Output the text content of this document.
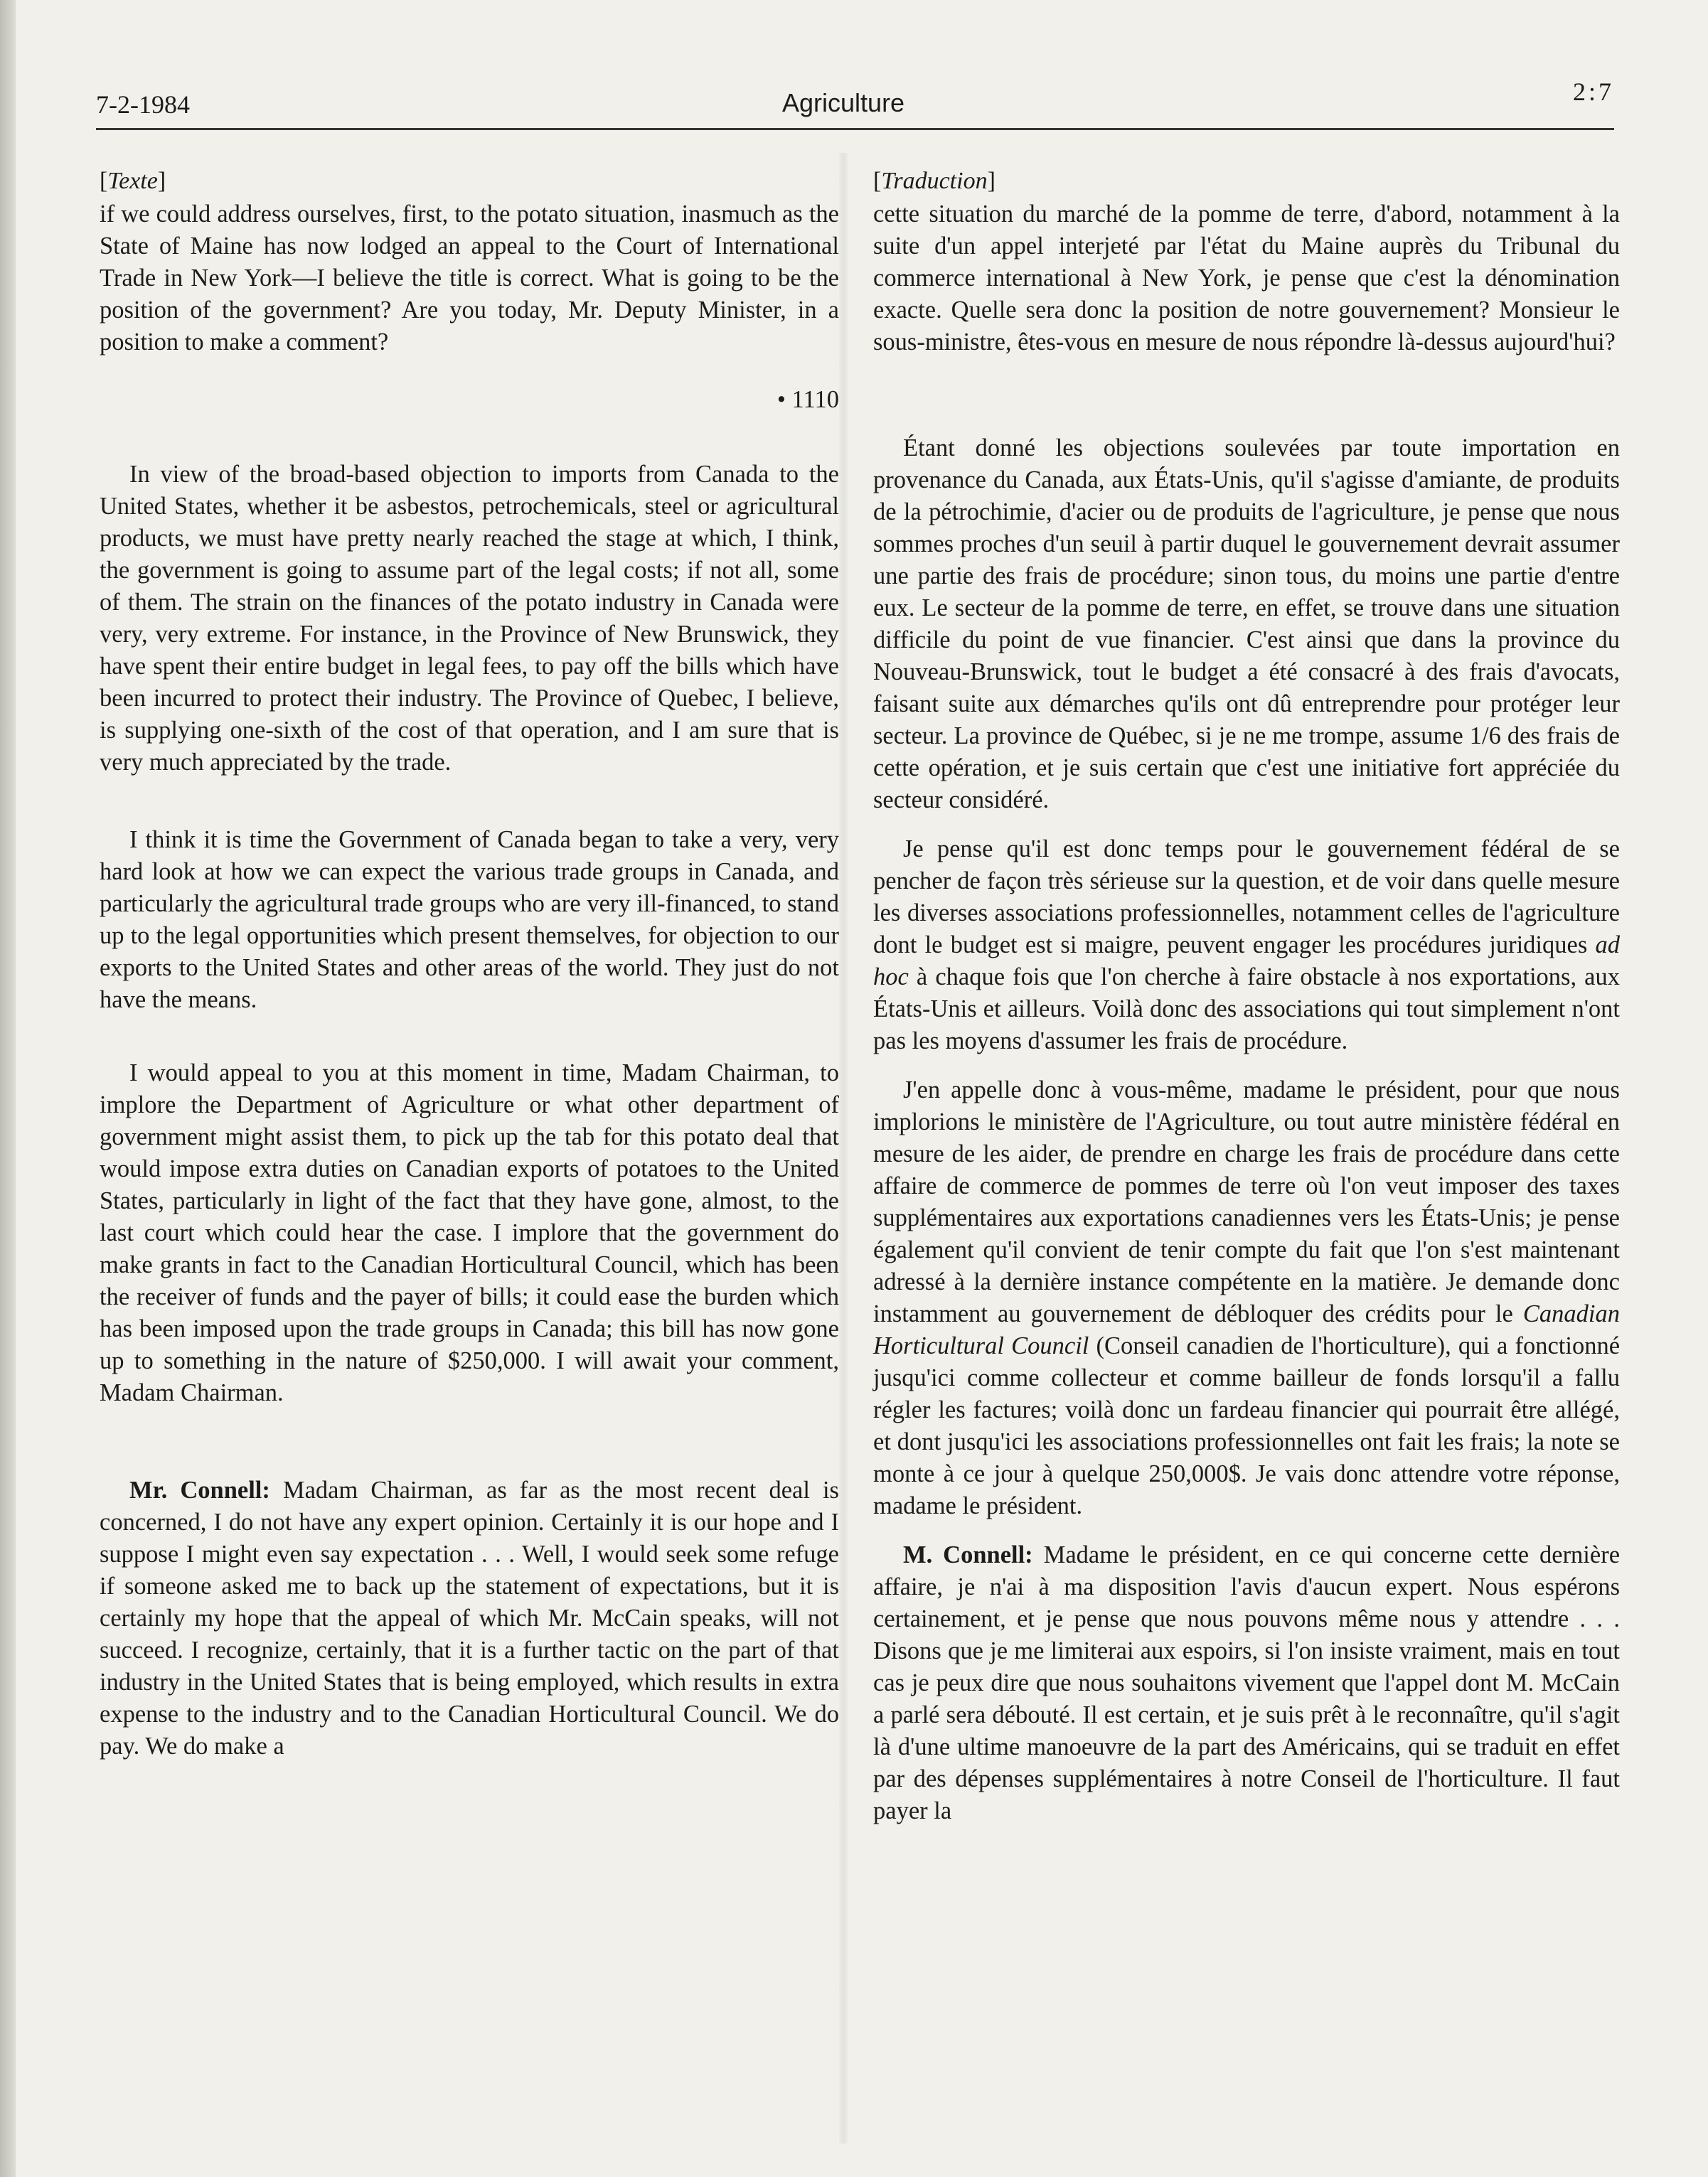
7-2-1984	Agriculture	2:7
[Texte]

if we could address ourselves, first, to the potato situation, inasmuch as the State of Maine has now lodged an appeal to the Court of International Trade in New York—I believe the title is correct. What is going to be the position of the government? Are you today, Mr. Deputy Minister, in a position to make a comment?

• 1110

In view of the broad-based objection to imports from Canada to the United States, whether it be asbestos, petrochemicals, steel or agricultural products, we must have pretty nearly reached the stage at which, I think, the government is going to assume part of the legal costs; if not all, some of them. The strain on the finances of the potato industry in Canada were very, very extreme. For instance, in the Province of New Brunswick, they have spent their entire budget in legal fees, to pay off the bills which have been incurred to protect their industry. The Province of Quebec, I believe, is supplying one-sixth of the cost of that operation, and I am sure that is very much appreciated by the trade.

I think it is time the Government of Canada began to take a very, very hard look at how we can expect the various trade groups in Canada, and particularly the agricultural trade groups who are very ill-financed, to stand up to the legal opportunities which present themselves, for objection to our exports to the United States and other areas of the world. They just do not have the means.

I would appeal to you at this moment in time, Madam Chairman, to implore the Department of Agriculture or what other department of government might assist them, to pick up the tab for this potato deal that would impose extra duties on Canadian exports of potatoes to the United States, particularly in light of the fact that they have gone, almost, to the last court which could hear the case. I implore that the government do make grants in fact to the Canadian Horticultural Council, which has been the receiver of funds and the payer of bills; it could ease the burden which has been imposed upon the trade groups in Canada; this bill has now gone up to something in the nature of $250,000. I will await your comment, Madam Chairman.

Mr. Connell: Madam Chairman, as far as the most recent deal is concerned, I do not have any expert opinion. Certainly it is our hope and I suppose I might even say expectation . . . Well, I would seek some refuge if someone asked me to back up the statement of expectations, but it is certainly my hope that the appeal of which Mr. McCain speaks, will not succeed. I recognize, certainly, that it is a further tactic on the part of that industry in the United States that is being employed, which results in extra expense to the industry and to the Canadian Horticultural Council. We do pay. We do make a

[Traduction]

cette situation du marché de la pomme de terre, d'abord, notamment à la suite d'un appel interjeté par l'état du Maine auprès du Tribunal du commerce international à New York, je pense que c'est la dénomination exacte. Quelle sera donc la position de notre gouvernement? Monsieur le sous-ministre, êtes-vous en mesure de nous répondre là-dessus aujourd'hui?

Étant donné les objections soulevées par toute importation en provenance du Canada, aux États-Unis, qu'il s'agisse d'amiante, de produits de la pétrochimie, d'acier ou de produits de l'agriculture, je pense que nous sommes proches d'un seuil à partir duquel le gouvernement devrait assumer une partie des frais de procédure; sinon tous, du moins une partie d'entre eux. Le secteur de la pomme de terre, en effet, se trouve dans une situation difficile du point de vue financier. C'est ainsi que dans la province du Nouveau-Brunswick, tout le budget a été consacré à des frais d'avocats, faisant suite aux démarches qu'ils ont dû entreprendre pour protéger leur secteur. La province de Québec, si je ne me trompe, assume 1/6 des frais de cette opération, et je suis certain que c'est une initiative fort appréciée du secteur considéré.

Je pense qu'il est donc temps pour le gouvernement fédéral de se pencher de façon très sérieuse sur la question, et de voir dans quelle mesure les diverses associations professionnelles, notamment celles de l'agriculture dont le budget est si maigre, peuvent engager les procédures juridiques ad hoc à chaque fois que l'on cherche à faire obstacle à nos exportations, aux États-Unis et ailleurs. Voilà donc des associations qui tout simplement n'ont pas les moyens d'assumer les frais de procédure.

J'en appelle donc à vous-même, madame le président, pour que nous implorions le ministère de l'Agriculture, ou tout autre ministère fédéral en mesure de les aider, de prendre en charge les frais de procédure dans cette affaire de commerce de pommes de terre où l'on veut imposer des taxes supplémentaires aux exportations canadiennes vers les États-Unis; je pense également qu'il convient de tenir compte du fait que l'on s'est maintenant adressé à la dernière instance compétente en la matière. Je demande donc instamment au gouvernement de débloquer des crédits pour le Canadian Horticultural Council (Conseil canadien de l'horticulture), qui a fonctionné jusqu'ici comme collecteur et comme bailleur de fonds lorsqu'il a fallu régler les factures; voilà donc un fardeau financier qui pourrait être allégé, et dont jusqu'ici les associations professionnelles ont fait les frais; la note se monte à ce jour à quelque 250,000$. Je vais donc attendre votre réponse, madame le président.

M. Connell: Madame le président, en ce qui concerne cette dernière affaire, je n'ai à ma disposition l'avis d'aucun expert. Nous espérons certainement, et je pense que nous pouvons même nous y attendre . . . Disons que je me limiterai aux espoirs, si l'on insiste vraiment, mais en tout cas je peux dire que nous souhaitons vivement que l'appel dont M. McCain a parlé sera débouté. Il est certain, et je suis prêt à le reconnaître, qu'il s'agit là d'une ultime manoeuvre de la part des Américains, qui se traduit en effet par des dépenses supplémentaires à notre Conseil de l'horticulture. Il faut payer la
